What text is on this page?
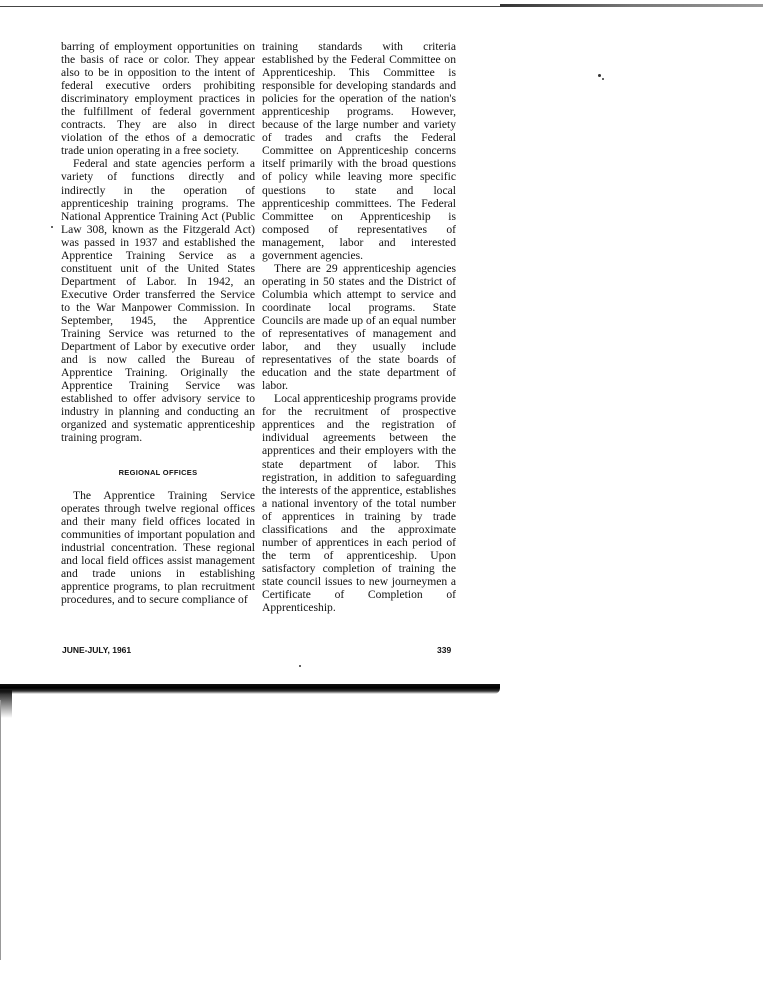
barring of employment opportunities on the basis of race or color. They appear also to be in opposition to the intent of federal executive orders prohibiting discriminatory employment practices in the fulfillment of federal government contracts. They are also in direct violation of the ethos of a democratic trade union operating in a free society.

Federal and state agencies perform a variety of functions directly and indirectly in the operation of apprenticeship training programs. The National Apprentice Training Act (Public Law 308, known as the Fitzgerald Act) was passed in 1937 and established the Apprentice Training Service as a constituent unit of the United States Department of Labor. In 1942, an Executive Order transferred the Service to the War Manpower Commission. In September, 1945, the Apprentice Training Service was returned to the Department of Labor by executive order and is now called the Bureau of Apprentice Training. Originally the Apprentice Training Service was established to offer advisory service to industry in planning and conducting an organized and systematic apprenticeship training program.

REGIONAL OFFICES

The Apprentice Training Service operates through twelve regional offices and their many field offices located in communities of important population and industrial concentration. These regional and local field offices assist management and trade unions in establishing apprentice programs, to plan recruitment procedures, and to secure compliance of

training standards with criteria established by the Federal Committee on Apprenticeship. This Committee is responsible for developing standards and policies for the operation of the nation's apprenticeship programs. However, because of the large number and variety of trades and crafts the Federal Committee on Apprenticeship concerns itself primarily with the broad questions of policy while leaving more specific questions to state and local apprenticeship committees. The Federal Committee on Apprenticeship is composed of representatives of management, labor and interested government agencies.

There are 29 apprenticeship agencies operating in 50 states and the District of Columbia which attempt to service and coordinate local programs. State Councils are made up of an equal number of representatives of management and labor, and they usually include representatives of the state boards of education and the state department of labor.

Local apprenticeship programs provide for the recruitment of prospective apprentices and the registration of individual agreements between the apprentices and their employers with the state department of labor. This registration, in addition to safeguarding the interests of the apprentice, establishes a national inventory of the total number of apprentices in training by trade classifications and the approximate number of apprentices in each period of the term of apprenticeship. Upon satisfactory completion of training the state council issues to new journeymen a Certificate of Completion of Apprenticeship.

JUNE-JULY, 1961	339
